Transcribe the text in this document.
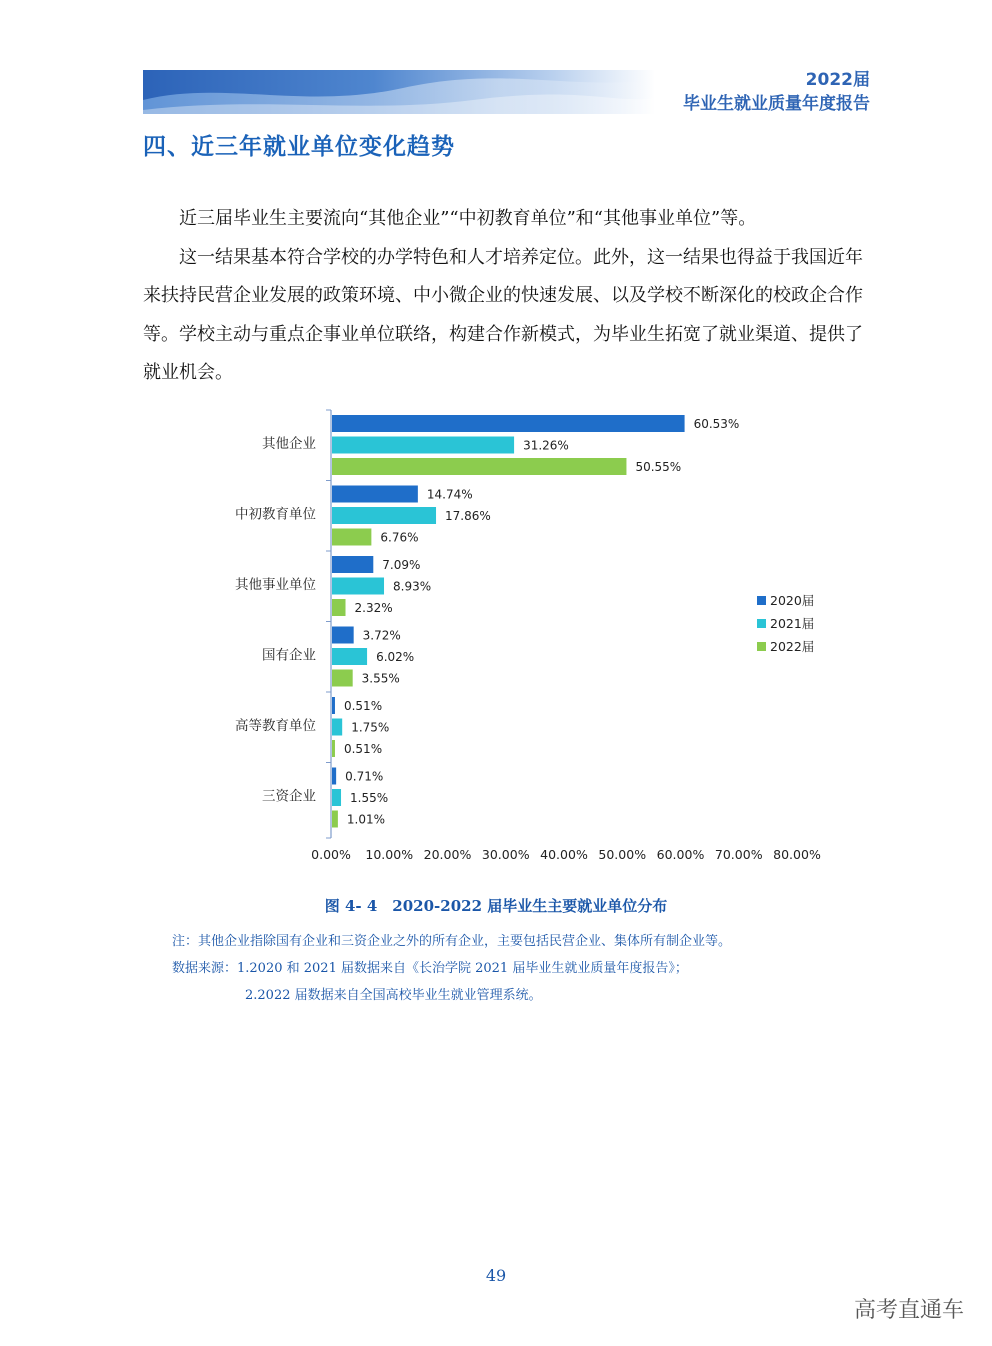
2022届
毕业生就业质量年度报告
四、近三年就业单位变化趋势

近三届毕业生主要流向“其他企业”“中初教育单位”和“其他事业单位”等。

这一结果基本符合学校的办学特色和人才培养定位。此外，这一结果也得益于我国近年来扶持民营企业发展的政策环境、中小微企业的快速发展、以及学校不断深化的校政企合作等。学校主动与重点企事业单位联络，构建合作新模式，为毕业生拓宽了就业渠道、提供了就业机会。

其他企业
60.53%
31.26%
50.55%
中初教育单位
14.74%
17.86%
6.76%
其他事业单位
7.09%
8.93%
2.32%
国有企业
3.72%
6.02%
3.55%
高等教育单位
0.51%
1.75%
0.51%
三资企业
0.71%
1.55%
1.01%
0.00% 10.00% 20.00% 30.00% 40.00% 50.00% 60.00% 70.00% 80.00%
2020届
2021届
2022届
图 4- 4　2020-2022 届毕业生主要就业单位分布
注：其他企业指除国有企业和三资企业之外的所有企业，主要包括民营企业、集体所有制企业等。
数据来源：1.2020 和 2021 届数据来自《长治学院 2021 届毕业生就业质量年度报告》；
2.2022 届数据来自全国高校毕业生就业管理系统。
49
高考直通车
